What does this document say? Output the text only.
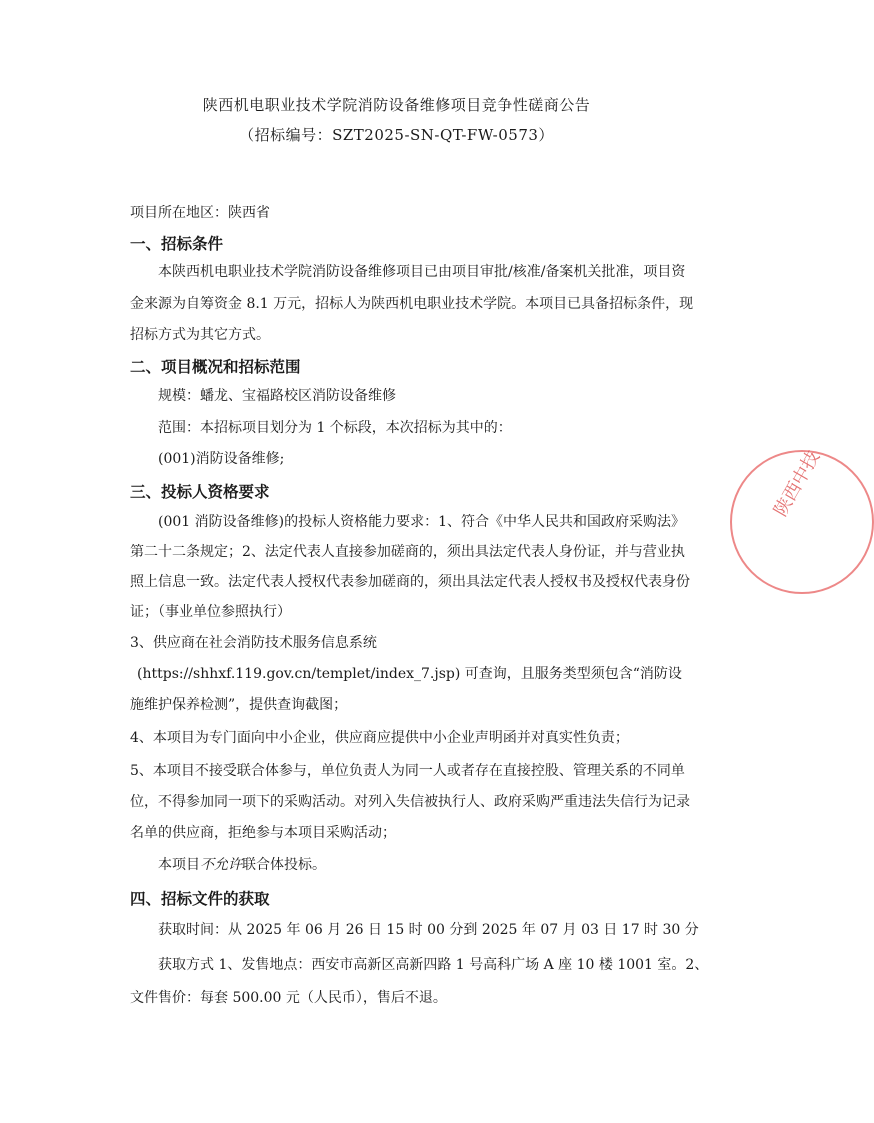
陕西机电职业技术学院消防设备维修项目竞争性磋商公告
（招标编号：SZT2025-SN-QT-FW-0573）
项目所在地区：陕西省
一、招标条件
本陕西机电职业技术学院消防设备维修项目已由项目审批/核准/备案机关批准，项目资
金来源为自筹资金 8.1 万元，招标人为陕西机电职业技术学院。本项目已具备招标条件，现
招标方式为其它方式。
二、项目概况和招标范围
规模：蟠龙、宝福路校区消防设备维修
范围：本招标项目划分为 1 个标段，本次招标为其中的：
(001)消防设备维修;
三、投标人资格要求
(001 消防设备维修)的投标人资格能力要求：1、符合《中华人民共和国政府采购法》
第二十二条规定；2、法定代表人直接参加磋商的，须出具法定代表人身份证，并与营业执
照上信息一致。法定代表人授权代表参加磋商的，须出具法定代表人授权书及授权代表身份
证；（事业单位参照执行）
3、供应商在社会消防技术服务信息系统
(https://shhxf.119.gov.cn/templet/index_7.jsp) 可查询，且服务类型须包含“消防设
施维护保养检测”，提供查询截图；
4、本项目为专门面向中小企业，供应商应提供中小企业声明函并对真实性负责；
5、本项目不接受联合体参与，单位负责人为同一人或者存在直接控股、管理关系的不同单
位，不得参加同一项下的采购活动。对列入失信被执行人、政府采购严重违法失信行为记录
名单的供应商，拒绝参与本项目采购活动；
本项目不允许联合体投标。
四、招标文件的获取
获取时间：从 2025 年 06 月 26 日 15 时 00 分到 2025 年 07 月 03 日 17 时 30 分
获取方式 1、发售地点：西安市高新区高新四路 1 号高科广场 A 座 10 楼 1001 室。2、
文件售价：每套 500.00 元（人民币），售后不退。
陕西中技
